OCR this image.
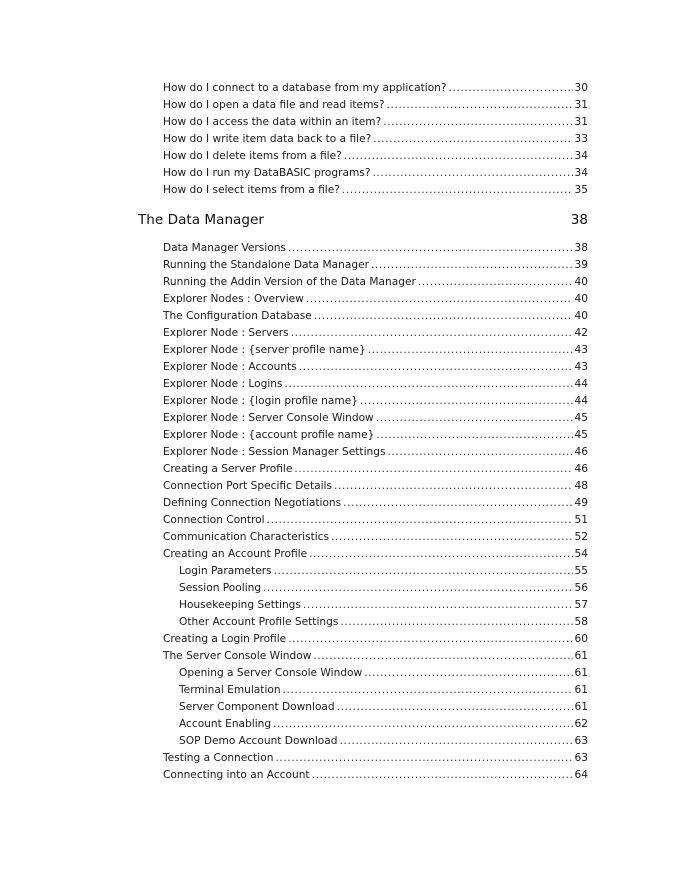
How do I connect to a database from my application? .....	30
How do I open a data file and read items? .....	31
How do I access the data within an item? .....	31
How do I write item data back to a file? .....	33
How do I delete items from a file? .....	34
How do I run my DataBASIC programs? .....	34
How do I select items from a file? .....	35
The Data Manager	38
Data Manager Versions .....	38
Running the Standalone Data Manager .....	39
Running the Addin Version of the Data Manager .....	40
Explorer Nodes : Overview .....	40
The Configuration Database .....	40
Explorer Node : Servers .....	42
Explorer Node : {server profile name} .....	43
Explorer Node : Accounts .....	43
Explorer Node : Logins .....	44
Explorer Node : {login profile name} .....	44
Explorer Node : Server Console Window .....	45
Explorer Node : {account profile name} .....	45
Explorer Node : Session Manager Settings .....	46
Creating a Server Profile .....	46
Connection Port Specific Details .....	48
Defining Connection Negotiations .....	49
Connection Control .....	51
Communication Characteristics .....	52
Creating an Account Profile .....	54
Login Parameters .....	55
Session Pooling .....	56
Housekeeping Settings .....	57
Other Account Profile Settings .....	58
Creating a Login Profile .....	60
The Server Console Window .....	61
Opening a Server Console Window .....	61
Terminal Emulation .....	61
Server Component Download .....	61
Account Enabling .....	62
SOP Demo Account Download .....	63
Testing a Connection .....	63
Connecting into an Account .....	64
